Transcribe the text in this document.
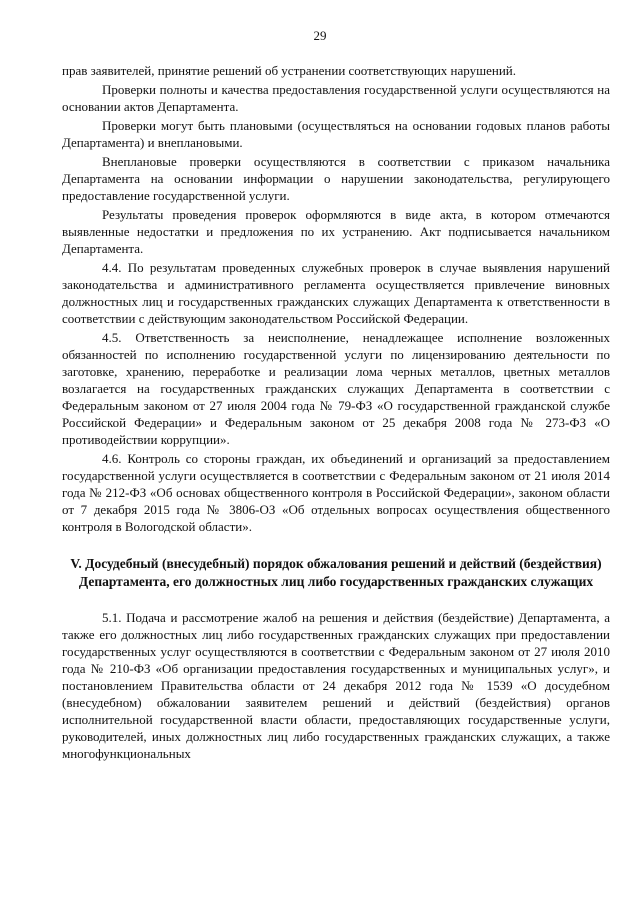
29

прав заявителей, принятие решений об устранении соответствующих нарушений.

Проверки полноты и качества предоставления государственной услуги осуществляются на основании актов Департамента.

Проверки могут быть плановыми (осуществляться на основании годовых планов работы Департамента) и внеплановыми.

Внеплановые проверки осуществляются в соответствии с приказом начальника Департамента на основании информации о нарушении законодательства, регулирующего предоставление государственной услуги.

Результаты проведения проверок оформляются в виде акта, в котором отмечаются выявленные недостатки и предложения по их устранению. Акт подписывается начальником Департамента.

4.4. По результатам проведенных служебных проверок в случае выявления нарушений законодательства и административного регламента осуществляется привлечение виновных должностных лиц и государственных гражданских служащих Департамента к ответственности в соответствии с действующим законодательством Российской Федерации.

4.5. Ответственность за неисполнение, ненадлежащее исполнение возложенных обязанностей по исполнению государственной услуги по лицензированию деятельности по заготовке, хранению, переработке и реализации лома черных металлов, цветных металлов возлагается на государственных гражданских служащих Департамента в соответствии с Федеральным законом от 27 июля 2004 года № 79-ФЗ «О государственной гражданской службе Российской Федерации» и Федеральным законом от 25 декабря 2008 года № 273-ФЗ «О противодействии коррупции».

4.6. Контроль со стороны граждан, их объединений и организаций за предоставлением государственной услуги осуществляется в соответствии с Федеральным законом от 21 июля 2014 года № 212-ФЗ «Об основах общественного контроля в Российской Федерации», законом области от 7 декабря 2015 года № 3806-ОЗ «Об отдельных вопросах осуществления общественного контроля в Вологодской области».

V. Досудебный (внесудебный) порядок обжалования решений и действий (бездействия) Департамента, его должностных лиц либо государственных гражданских служащих

5.1. Подача и рассмотрение жалоб на решения и действия (бездействие) Департамента, а также его должностных лиц либо государственных гражданских служащих при предоставлении государственных услуг осуществляются в соответствии с Федеральным законом от 27 июля 2010 года № 210-ФЗ «Об организации предоставления государственных и муниципальных услуг», и постановлением Правительства области от 24 декабря 2012 года № 1539 «О досудебном (внесудебном) обжаловании заявителем решений и действий (бездействия) органов исполнительной государственной власти области, предоставляющих государственные услуги, руководителей, иных должностных лиц либо государственных гражданских служащих, а также многофункциональных
